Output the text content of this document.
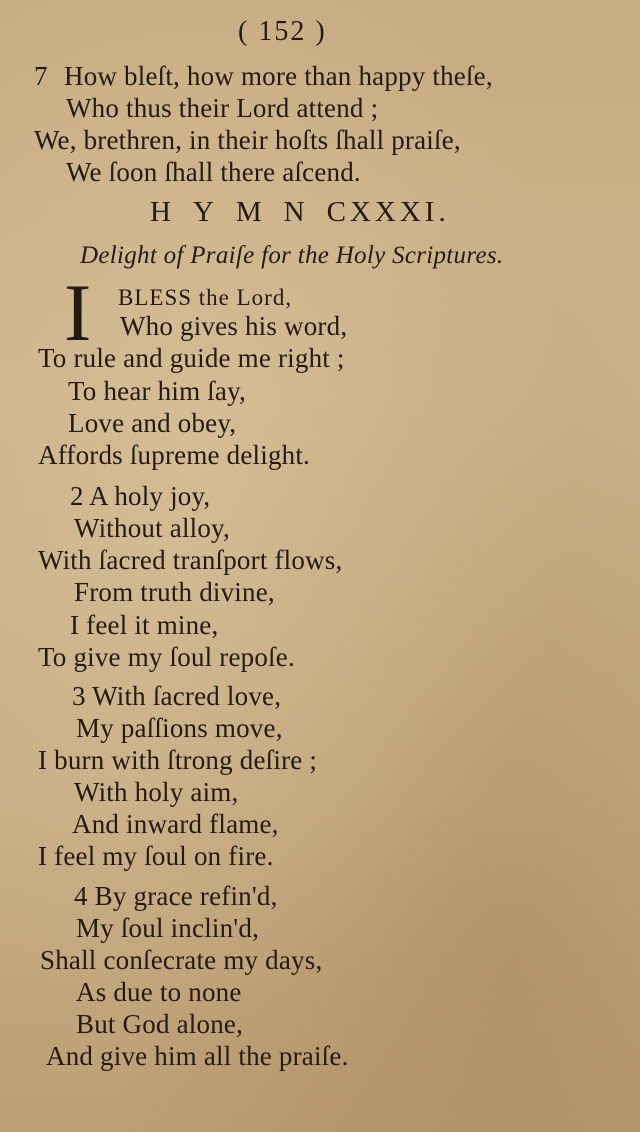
( 152 )
7 How bleſt, how more than happy theſe,
Who thus their Lord attend ;
We, brethren, in their hoſts ſhall praiſe,
We ſoon ſhall there aſcend.
HYMNCXXXI.
Delight of Praiſe for the Holy Scriptures.
I BLESS the Lord,
Who gives his word,
To rule and guide me right ;
To hear him ſay,
Love and obey,
Affords ſupreme delight.
2 A holy joy,
Without alloy,
With ſacred tranſport flows,
From truth divine,
I feel it mine,
To give my ſoul repoſe.
3 With ſacred love,
My paſſions move,
I burn with ſtrong deſire ;
With holy aim,
And inward flame,
I feel my ſoul on fire.
4 By grace refin'd,
My ſoul inclin'd,
Shall conſecrate my days,
As due to none
But God alone,
And give him all the praiſe.
